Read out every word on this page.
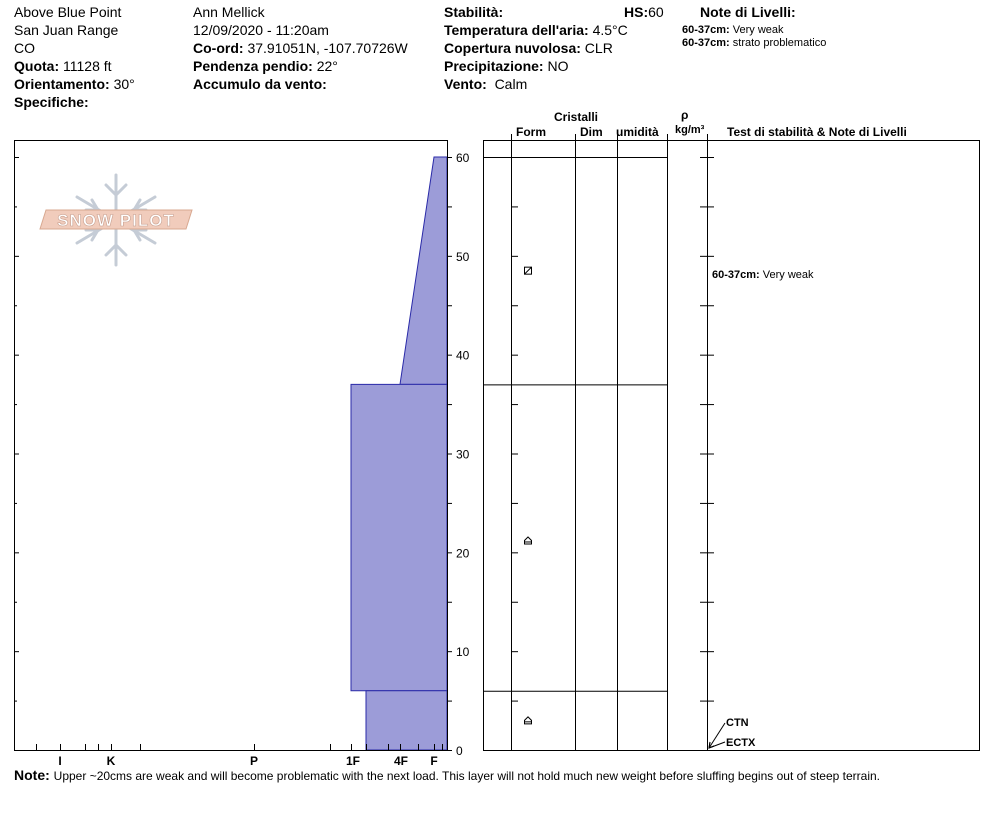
Above Blue Point
San Juan Range
CO
Quota: 11128 ft
Orientamento: 30°
Specifiche:
Ann Mellick
12/09/2020 - 11:20am
Co-ord: 37.91051N, -107.70726W
Pendenza pendio: 22°
Accumulo da vento:
Stabilità:	HS:60
Temperatura dell'aria: 4.5°C
Copertura nuvolosa: CLR
Precipitazione: NO
Vento: Calm
Note di Livelli:
60-37cm: Very weak
60-37cm: strato problematico
Cristalli
Form	Dim umidità
ρ
kg/m³ Test di stabilità & Note di Livelli
SNOW PILOT
I	K	P	1F	4F F
0
10
20
30
40
50
60
60-37cm: Very weak
CTN
ECTX
Note: Upper ~20cms are weak and will become problematic with the next load. This layer will not hold much new weight before sluffing begins out of steep terrain.
